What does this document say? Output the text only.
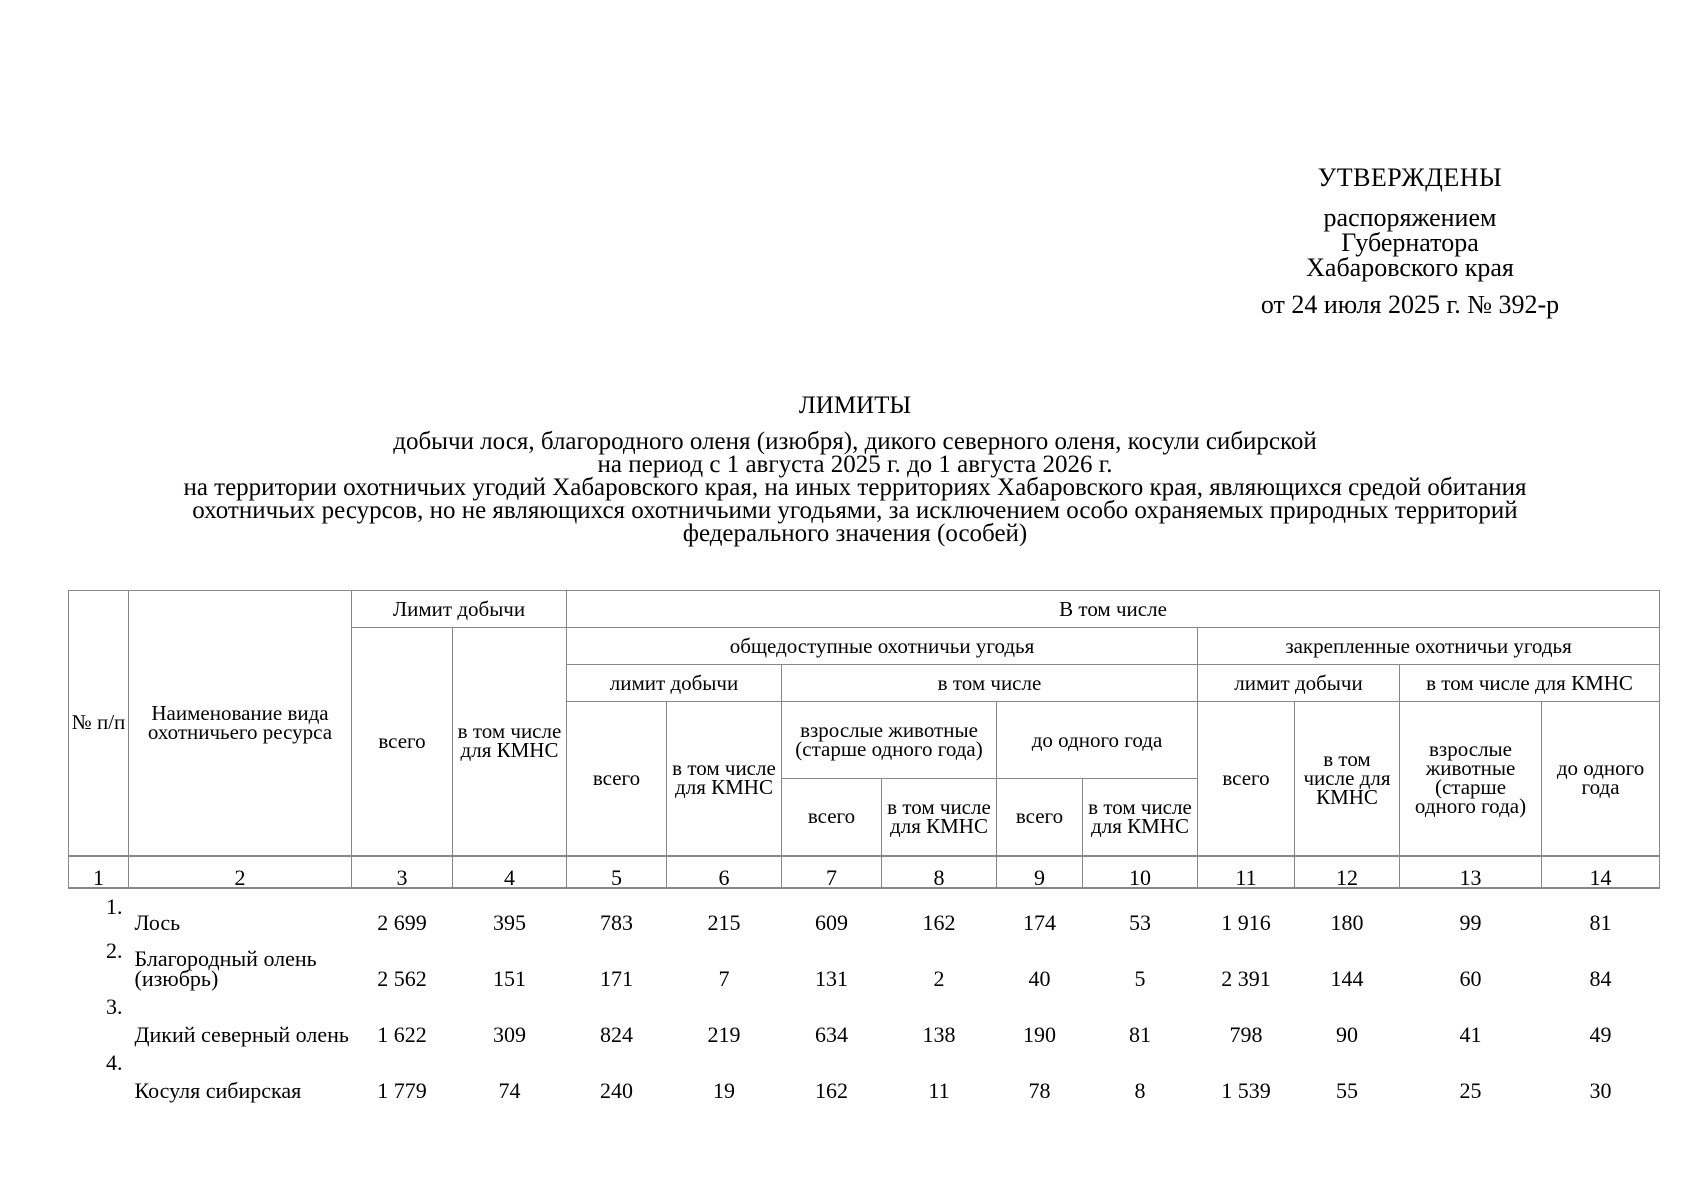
УТВЕРЖДЕНЫ
распоряжением
Губернатора
Хабаровского края
от 24 июля 2025 г. № 392-р
ЛИМИТЫ
добычи лося, благородного оленя (изюбря), дикого северного оленя, косули сибирской
на период с 1 августа 2025 г. до 1 августа 2026 г.
на территории охотничьих угодий Хабаровского края, на иных территориях Хабаровского края, являющихся средой обитания
охотничьих ресурсов, но не являющихся охотничьими угодьями, за исключением особо охраняемых природных территорий
федерального значения (особей)
№ п/п	Наименование вида охотничьего ресурса	Лимит добычи		В том числе									
		всего	в том числе для КМНС	общедоступные охотничьи угодья						закрепленные охотничьи угодья			
				лимит добычи		в том числе				лимит добычи		в том числе для КМНС	
				всего	в том числе для КМНС	взрослые животные (старше одного года)		до одного года		всего	в том числе для КМНС	взрослые животные (старше одного года)	до одного года
						всего	в том числе для КМНС	всего	в том числе для КМНС				
1	2	3	4	5	6	7	8	9	10	11	12	13	14
1.	Лось	2 699	395	783	215	609	162	174	53	1 916	180	99	81
2.	Благородный олень (изюбрь)	2 562	151	171	7	131	2	40	5	2 391	144	60	84
3.	Дикий северный олень	1 622	309	824	219	634	138	190	81	798	90	41	49
4.	Косуля сибирская	1 779	74	240	19	162	11	78	8	1 539	55	25	30
